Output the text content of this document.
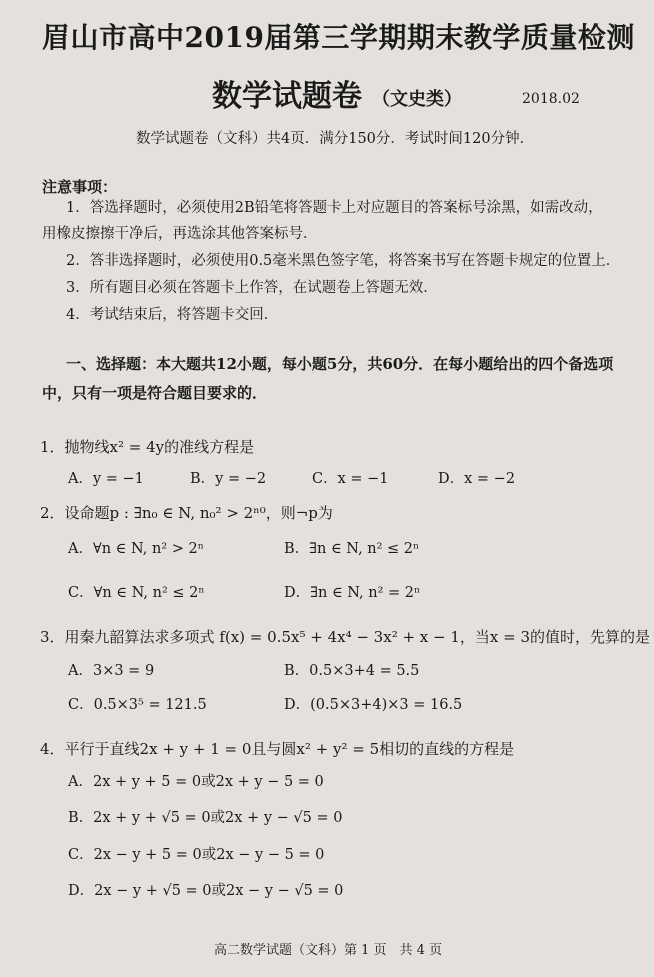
眉山市高中2019届第三学期期末教学质量检测
数学试题卷 （文史类）	2018.02
数学试题卷（文科）共4页．满分150分．考试时间120分钟．
注意事项：
1．答选择题时，必须使用2B铅笔将答题卡上对应题目的答案标号涂黑，如需改动，
用橡皮擦擦干净后，再选涂其他答案标号．
2．答非选择题时，必须使用0.5毫米黑色签字笔，将答案书写在答题卡规定的位置上．
3．所有题目必须在答题卡上作答，在试题卷上答题无效．
4．考试结束后，将答题卡交回．
一、选择题：本大题共12小题，每小题5分，共60分．在每小题给出的四个备选项
中，只有一项是符合题目要求的．
1．抛物线x² = 4y的准线方程是
A．y = −1	B．y = −2	C．x = −1	D．x = −2
2．设命题p : ∃n₀ ∈ N, n₀² > 2ⁿ⁰，则¬p为
A．∀n ∈ N, n² > 2ⁿ	B．∃n ∈ N, n² ≤ 2ⁿ
C．∀n ∈ N, n² ≤ 2ⁿ	D．∃n ∈ N, n² = 2ⁿ
3．用秦九韶算法求多项式 f(x) = 0.5x⁵ + 4x⁴ − 3x² + x − 1，当x = 3的值时，先算的是
A．3×3 = 9	B．0.5×3+4 = 5.5
C．0.5×3⁵ = 121.5	D．(0.5×3+4)×3 = 16.5
4．平行于直线2x + y + 1 = 0且与圆x² + y² = 5相切的直线的方程是
A．2x + y + 5 = 0或2x + y − 5 = 0
B．2x + y + √5 = 0或2x + y − √5 = 0
C．2x − y + 5 = 0或2x − y − 5 = 0
D．2x − y + √5 = 0或2x − y − √5 = 0
高二数学试题（文科）第 1 页　共 4 页
